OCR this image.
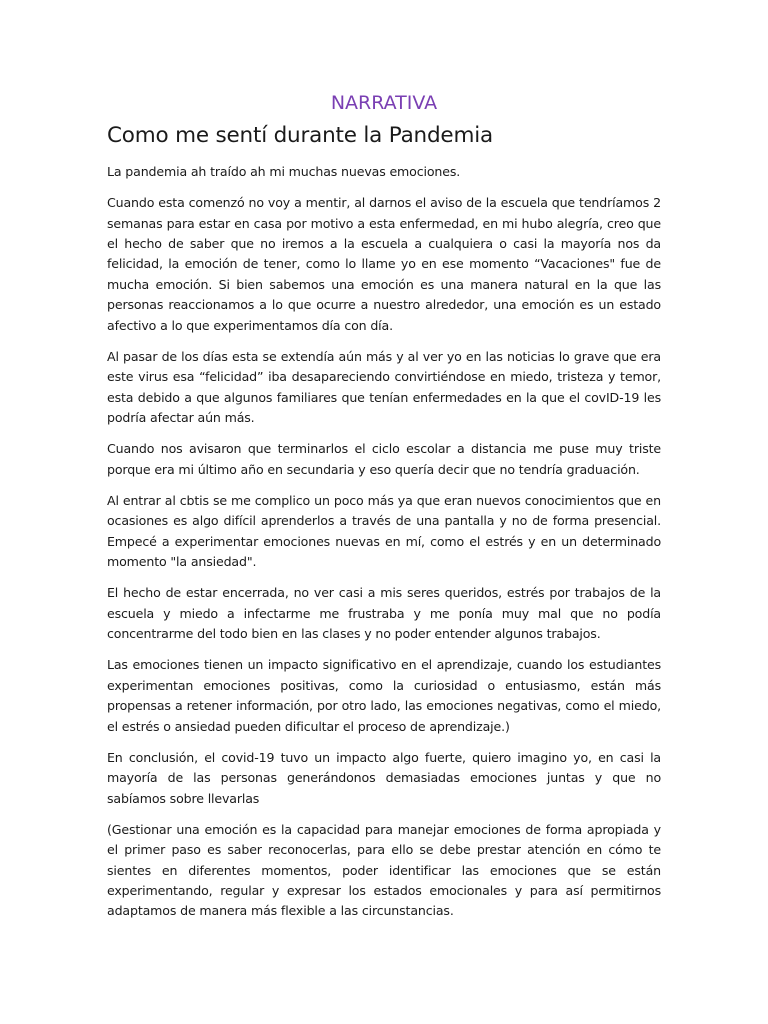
NARRATIVA
Como me sentí durante la Pandemia

La pandemia ah traído ah mi muchas nuevas emociones.

Cuando esta comenzó no voy a mentir, al darnos el aviso de la escuela que tendríamos 2 semanas para estar en casa por motivo a esta enfermedad, en mi hubo alegría, creo que el hecho de saber que no iremos a la escuela a cualquiera o casi la mayoría nos da felicidad, la emoción de tener, como lo llame yo en ese momento “Vacaciones" fue de mucha emoción. Si bien sabemos una emoción es una manera natural en la que las personas reaccionamos a lo que ocurre a nuestro alrededor, una emoción es un estado afectivo a lo que experimentamos día con día.

Al pasar de los días esta se extendía aún más y al ver yo en las noticias lo grave que era este virus esa “felicidad” iba desapareciendo convirtiéndose en miedo, tristeza y temor, esta debido a que algunos familiares que tenían enfermedades en la que el covID-19 les podría afectar aún más.

Cuando nos avisaron que terminarlos el ciclo escolar a distancia me puse muy triste porque era mi último año en secundaria y eso quería decir que no tendría graduación.

Al entrar al cbtis se me complico un poco más ya que eran nuevos conocimientos que en ocasiones es algo difícil aprenderlos a través de una pantalla y no de forma presencial. Empecé a experimentar emociones nuevas en mí, como el estrés y en un determinado momento "la ansiedad".

El hecho de estar encerrada, no ver casi a mis seres queridos, estrés por trabajos de la escuela y miedo a infectarme me frustraba y me ponía muy mal que no podía concentrarme del todo bien en las clases y no poder entender algunos trabajos.

Las emociones tienen un impacto significativo en el aprendizaje, cuando los estudiantes experimentan emociones positivas, como la curiosidad o entusiasmo, están más propensas a retener información, por otro lado, las emociones negativas, como el miedo, el estrés o ansiedad pueden dificultar el proceso de aprendizaje.)

En conclusión, el covid-19 tuvo un impacto algo fuerte, quiero imagino yo, en casi la mayoría de las personas generándonos demasiadas emociones juntas y que no sabíamos sobre llevarlas

(Gestionar una emoción es la capacidad para manejar emociones de forma apropiada y el primer paso es saber reconocerlas, para ello se debe prestar atención en cómo te sientes en diferentes momentos, poder identificar las emociones que se están experimentando, regular y expresar los estados emocionales y para así permitirnos adaptamos de manera más flexible a las circunstancias.
